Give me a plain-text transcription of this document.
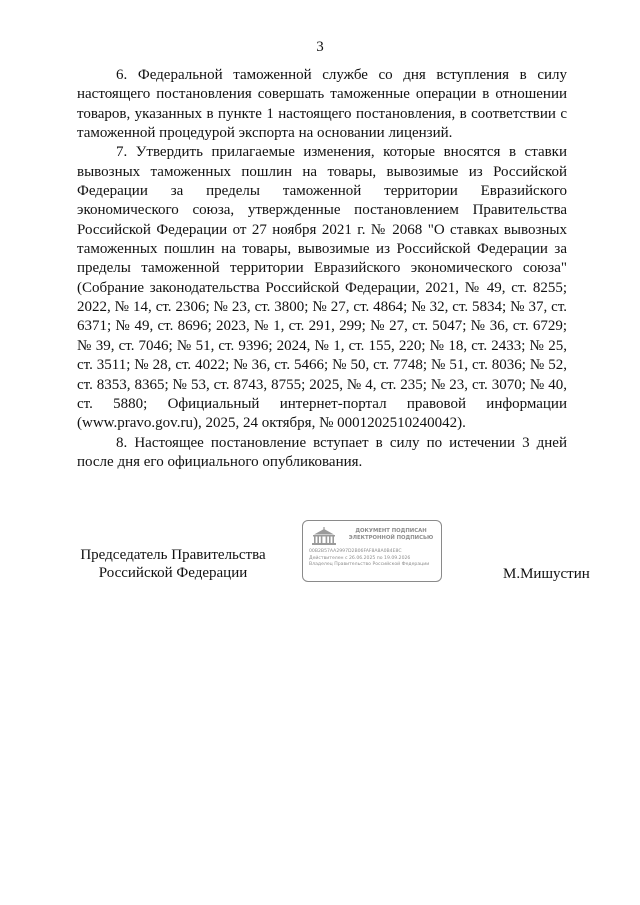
3

6. Федеральной таможенной службе со дня вступления в силу настоящего постановления совершать таможенные операции в отношении товаров, указанных в пункте 1 настоящего постановления, в соответствии с таможенной процедурой экспорта на основании лицензий.

7. Утвердить прилагаемые изменения, которые вносятся в ставки вывозных таможенных пошлин на товары, вывозимые из Российской Федерации за пределы таможенной территории Евразийского экономического союза, утвержденные постановлением Правительства Российской Федерации от 27 ноября 2021 г. № 2068 "О ставках вывозных таможенных пошлин на товары, вывозимые из Российской Федерации за пределы таможенной территории Евразийского экономического союза" (Собрание законодательства Российской Федерации, 2021, № 49, ст. 8255; 2022, № 14, ст. 2306; № 23, ст. 3800; № 27, ст. 4864; № 32, ст. 5834; № 37, ст. 6371; № 49, ст. 8696; 2023, № 1, ст. 291, 299; № 27, ст. 5047; № 36, ст. 6729; № 39, ст. 7046; № 51, ст. 9396; 2024, № 1, ст. 155, 220; № 18, ст. 2433; № 25, ст. 3511; № 28, ст. 4022; № 36, ст. 5466; № 50, ст. 7748; № 51, ст. 8036; № 52, ст. 8353, 8365; № 53, ст. 8743, 8755; 2025, № 4, ст. 235; № 23, ст. 3070; № 40, ст. 5880; Официальный интернет-портал правовой информации (www.pravo.gov.ru), 2025, 24 октября, № 0001202510240042).

8. Настоящее постановление вступает в силу по истечении 3 дней после дня его официального опубликования.

Председатель Правительства
Российской Федерации
ДОКУМЕНТ ПОДПИСАН ЭЛЕКТРОННОЙ ПОДПИСЬЮ
00B2B57AA2997D2B06FAF8A8A0B4E8C
Действителен с 26.06.2025 по 19.09.2026
Владелец Правительство Российской Федерации
М.Мишустин
